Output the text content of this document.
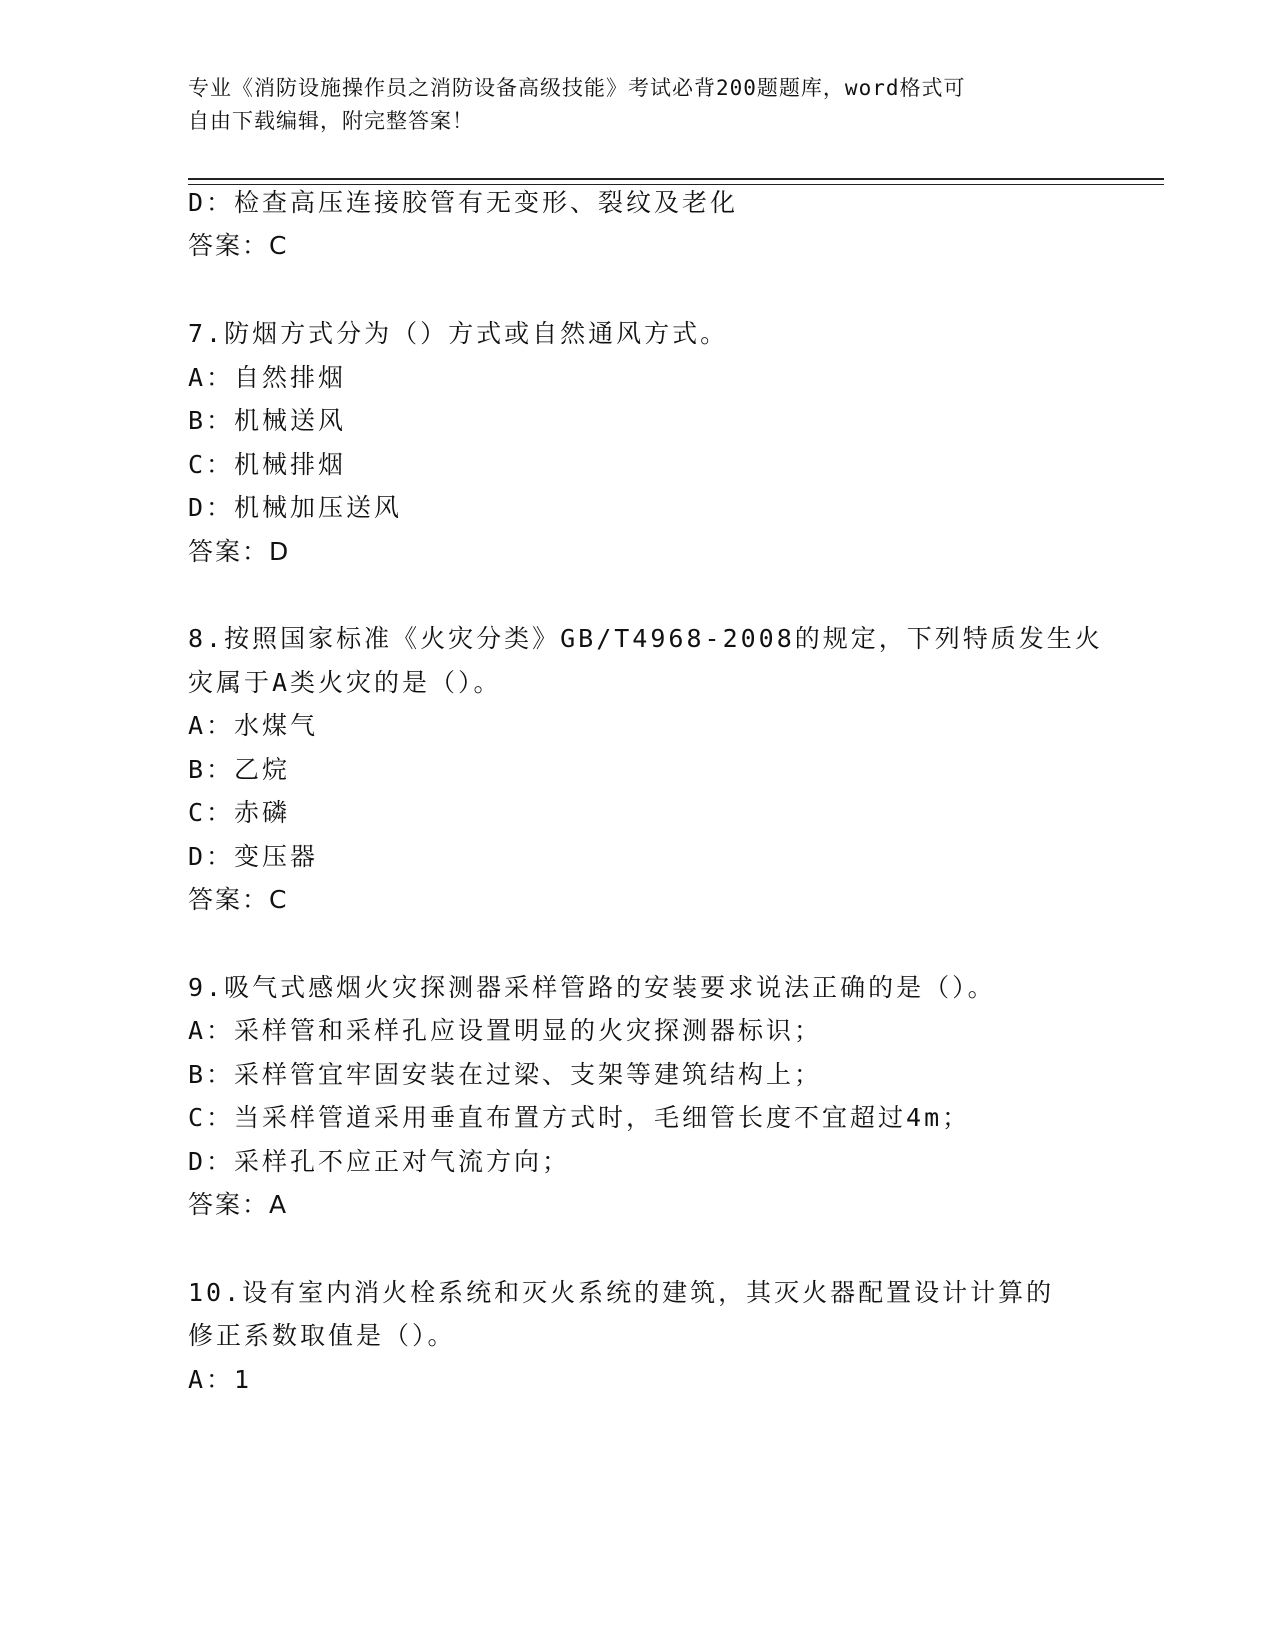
专业《消防设施操作员之消防设备高级技能》考试必背200题题库，word格式可
自由下载编辑，附完整答案！
D：检查高压连接胶管有无变形、裂纹及老化
答案：C
7.防烟方式分为（）方式或自然通风方式。
A：自然排烟
B：机械送风
C：机械排烟
D：机械加压送风
答案：D
8.按照国家标准《火灾分类》GB/T4968-2008的规定，下列特质发生火
灾属于A类火灾的是（）。
A：水煤气
B：乙烷
C：赤磷
D：变压器
答案：C
9.吸气式感烟火灾探测器采样管路的安装要求说法正确的是（）。
A：采样管和采样孔应设置明显的火灾探测器标识；
B：采样管宜牢固安装在过梁、支架等建筑结构上；
C：当采样管道采用垂直布置方式时，毛细管长度不宜超过4m；
D：采样孔不应正对气流方向；
答案：A
10.设有室内消火栓系统和灭火系统的建筑，其灭火器配置设计计算的
修正系数取值是（）。
A：1
